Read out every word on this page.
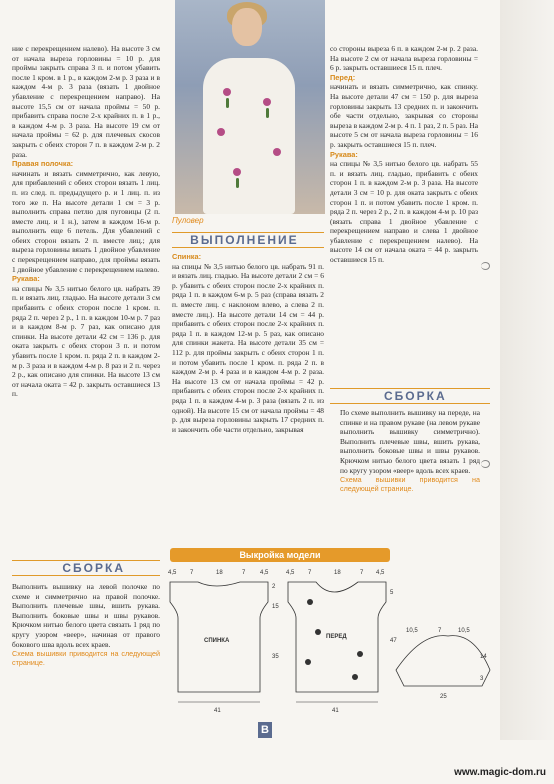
ние с перекрещением налево). На высоте 3 см от начала выреза горловины = 10 р. для проймы закрыть справа 3 п. и потом убавить после 1 кром. в 1 р., в каждом 2-м р. 3 раза и в каждом 4-м р. 3 раза (вязать 1 двойное убавление с перекрещением направо). На высоте 15,5 см от начала проймы = 50 р. прибавить справа после 2-х крайних п. в 1 р., в каждом 4-м р. 3 раза. На высоте 19 см от начала проймы = 62 р. для плечевых скосов закрыть с обеих сторон 7 п. в каждом 2-м р. 2 раза.

Правая полочка:

начинать и вязать симметрично, как левую, для прибавлений с обеих сторон вязать 1 лиц. п. из след. п. предыдущего р. и 1 лиц. п. из того же п. На высоте детали 1 см = 3 р. выполнить справа петлю для пуговицы (2 п. вместе лиц. и 1 н.), затем в каждом 16-м р. выполнить еще 6 петель. Для убавлений с обеих сторон вязать 2 п. вместе лиц.; для выреза горловины вязать 1 двойное убавление с перекрещением направо, для проймы вязать 1 двойное убавление с перекрещением налево.

Рукава:

на спицы № 3,5 нитью белого цв. набрать 39 п. и вязать лиц. гладью. На высоте детали 3 см прибавить с обеих сторон после 1 кром. п. ряда 2 п. через 2 р., 1 п. в каждом 10-м р. 7 раз и в каждом 8-м р. 7 раз, как описано для спинки. На высоте детали 42 см = 136 р. для оката закрыть с обеих сторон 3 п. и потом убавить после 1 кром. п. ряда 2 п. в каждом 2-м р. 3 раза и в каждом 4-м р. 8 раз и 2 п. через 2 р., как описано для спинки. На высоте 13 см от начала оката = 42 р. закрыть оставшиеся 13 п.

Пуловер

ВЫПОЛНЕНИЕ

Спинка:

на спицы № 3,5 нитью белого цв. набрать 91 п. и вязать лиц. гладью. На высоте детали 2 см = 6 р. убавить с обеих сторон после 2-х крайних п. ряда 1 п. в каждом 6-м р. 5 раз (справа вязать 2 п. вместе лиц. с наклоном влево, а слева 2 п. вместе лиц.). На высоте детали 14 см = 44 р. прибавить с обеих сторон после 2-х крайних п. ряда 1 п. в каждом 12-м р. 5 раз, как описано для спинки жакета. На высоте детали 35 см = 112 р. для проймы закрыть с обеих сторон 1 п. и потом убавить после 1 кром. п. ряда 2 п. в каждом 2-м р. 4 раза и в каждом 4-м р. 2 раза. На высоте 13 см от начала проймы = 42 р. прибавить с обеих сторон после 2-х крайних п. ряда 1 п. в каждом 4-м р. 3 раза (вязать 2 п. из одной). На высоте 15 см от начала проймы = 48 р. для выреза горловины закрыть 17 средних п. и закончить обе части отдельно, закрывая

со стороны выреза 6 п. в каждом 2-м р. 2 раза. На высоте 2 см от начала выреза горловины = 6 р. закрыть оставшиеся 15 п. плеч.

Перед:

начинать и вязать симметрично, как спинку. На высоте детали 47 см = 150 р. для выреза горловины закрыть 13 средних п. и закончить обе части отдельно, закрывая со стороны выреза в каждом 2-м р. 4 п. 1 раз, 2 п. 5 раз. На высоте 5 см от начала выреза горловины = 16 р. закрыть оставшиеся 15 п. плеч.

Рукава:

на спицы № 3,5 нитью белого цв. набрать 55 п. и вязать лиц. гладью, прибавить с обеих сторон 1 п. в каждом 2-м р. 3 раза. На высоте детали 3 см = 10 р. для оката закрыть с обеих сторон 1 п. и потом убавить после 1 кром. п. ряда 2 п. через 2 р., 2 п. в каждом 4-м р. 10 раз (вязать справа 1 двойное убавление с перекрещением направо и слева 1 двойное убавление с перекрещением налево). На высоте 14 см от начала оката = 44 р. закрыть оставшиеся 15 п.

СБОРКА

По схеме выполнить вышивку на переде, на спинке и на правом рукаве (на левом рукаве выполнить вышивку симметрично). Выполнить плечевые швы, вшить рукава, выполнить боковые швы и швы рукавов. Крючком нитью белого цвета вязать 1 ряд по кругу узором «веер» вдоль всех краев.

Схема вышивки приводится на следующей странице.

СБОРКА

Выполнить вышивку на левой полочке по схеме и симметрично на правой полочке. Выполнить плечевые швы, вшить рукава. Выполнить боковые швы и швы рукавов. Крючком нитью белого цвета связать 1 ряд по кругу узором «веер», начиная от правого бокового шва вдоль всех краев.

Схема вышивки приводится на следующей странице.

Выкройка модели
СПИНКА
4,5 7	18	7 4,5
2
15
35
41
ПЕРЕД
4,5 7	18	7 4,5
5
47
41
10,5	7	10,5
14
3
25
В
www.magic-dom.ru
